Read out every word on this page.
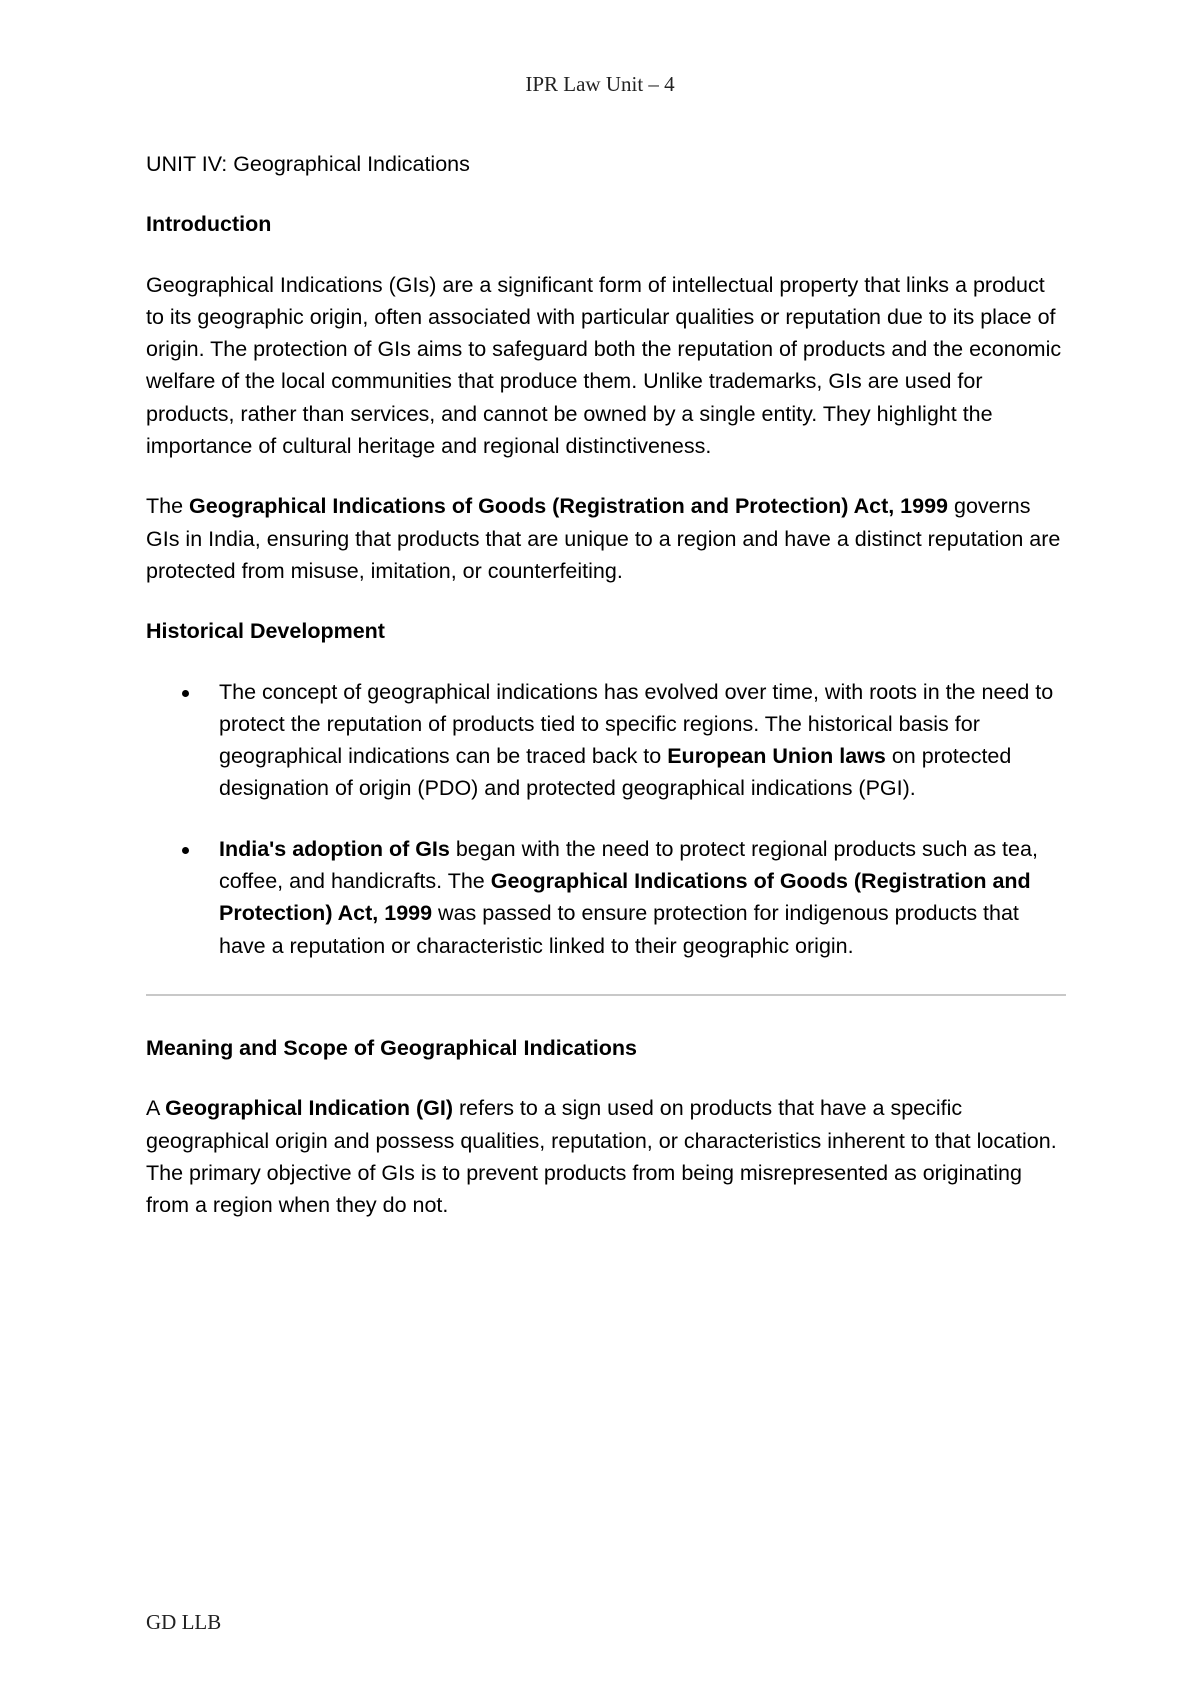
IPR Law Unit – 4

UNIT IV: Geographical Indications

Introduction

Geographical Indications (GIs) are a significant form of intellectual property that links a product to its geographic origin, often associated with particular qualities or reputation due to its place of origin. The protection of GIs aims to safeguard both the reputation of products and the economic welfare of the local communities that produce them. Unlike trademarks, GIs are used for products, rather than services, and cannot be owned by a single entity. They highlight the importance of cultural heritage and regional distinctiveness.

The Geographical Indications of Goods (Registration and Protection) Act, 1999 governs GIs in India, ensuring that products that are unique to a region and have a distinct reputation are protected from misuse, imitation, or counterfeiting.

Historical Development
The concept of geographical indications has evolved over time, with roots in the need to protect the reputation of products tied to specific regions. The historical basis for geographical indications can be traced back to European Union laws on protected designation of origin (PDO) and protected geographical indications (PGI).
India's adoption of GIs began with the need to protect regional products such as tea, coffee, and handicrafts. The Geographical Indications of Goods (Registration and Protection) Act, 1999 was passed to ensure protection for indigenous products that have a reputation or characteristic linked to their geographic origin.
Meaning and Scope of Geographical Indications

A Geographical Indication (GI) refers to a sign used on products that have a specific geographical origin and possess qualities, reputation, or characteristics inherent to that location. The primary objective of GIs is to prevent products from being misrepresented as originating from a region when they do not.

GD LLB
